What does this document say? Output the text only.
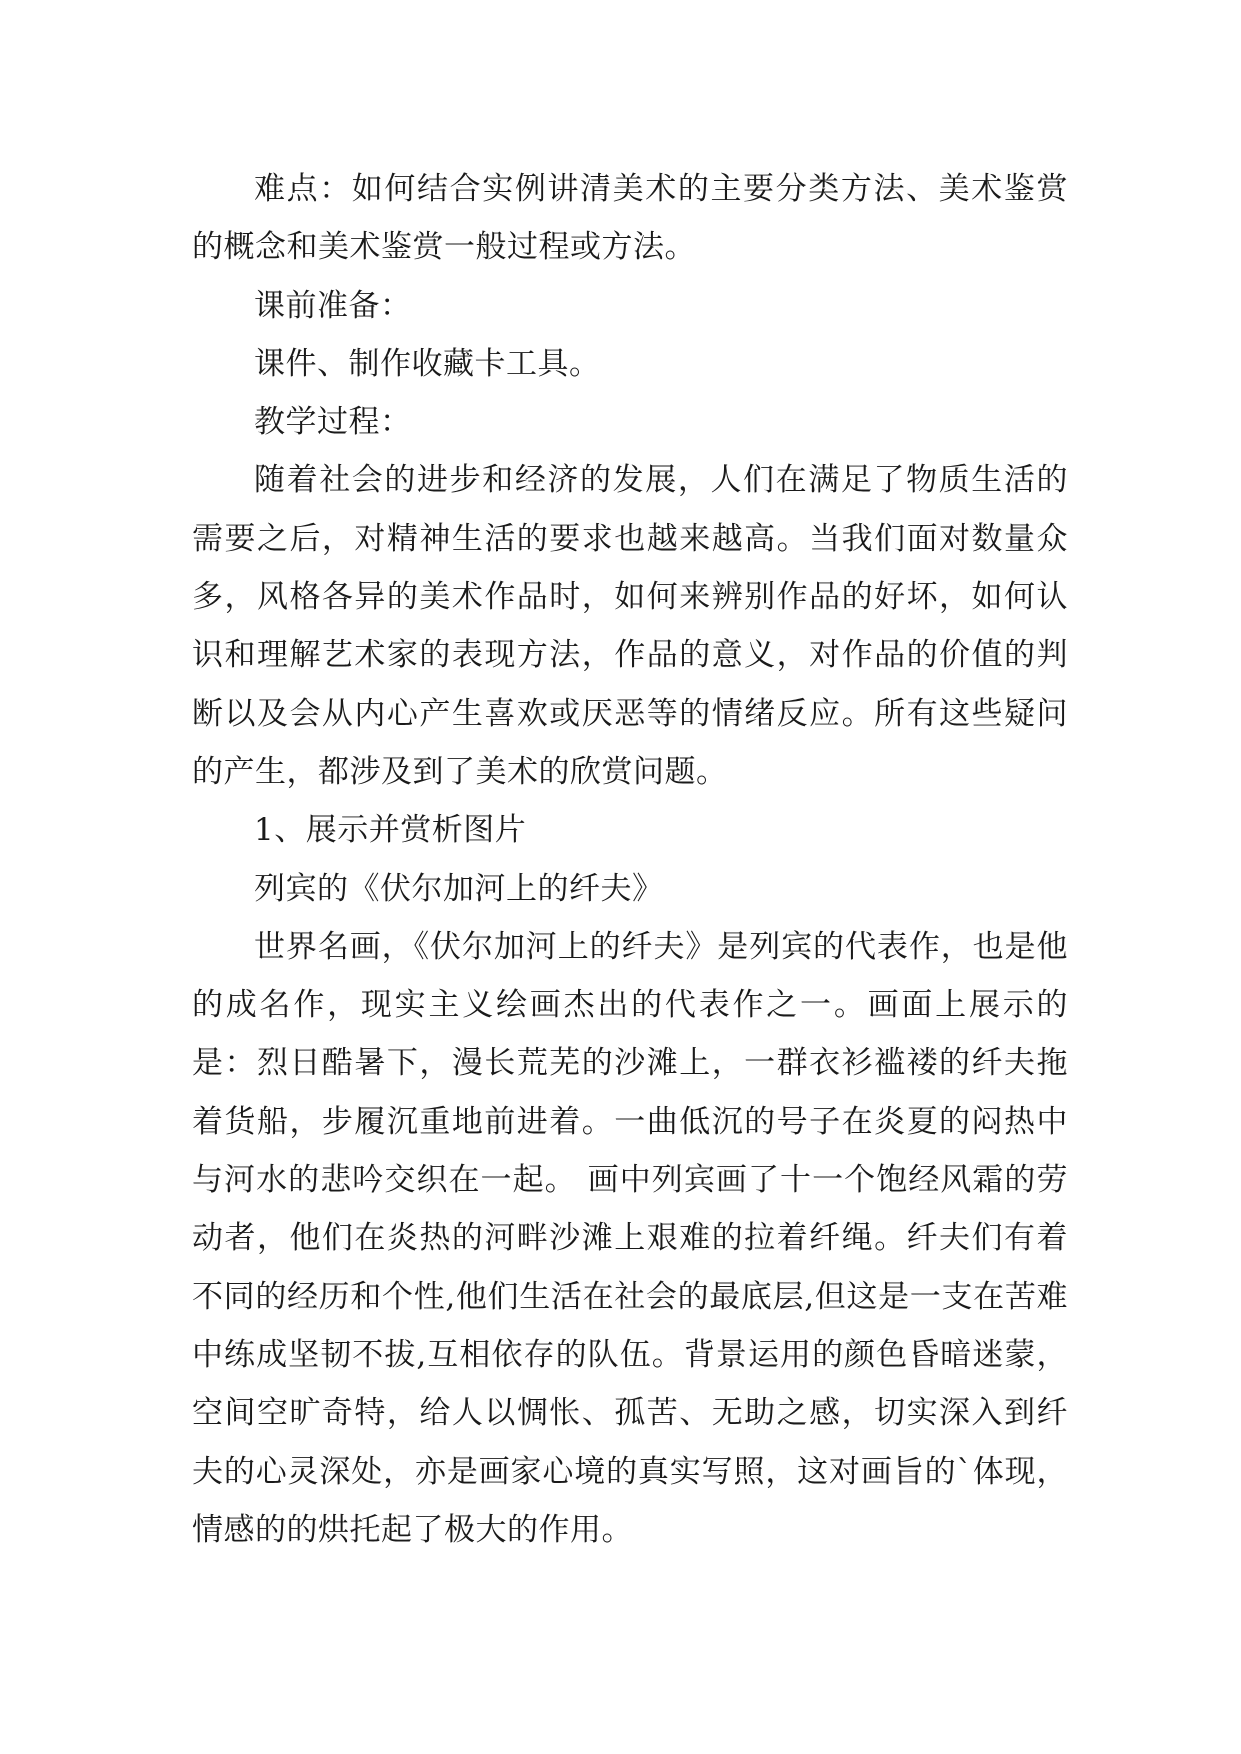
难点：如何结合实例讲清美术的主要分类方法、美术鉴赏的概念和美术鉴赏一般过程或方法。

课前准备：

课件、制作收藏卡工具。

教学过程：

随着社会的进步和经济的发展，人们在满足了物质生活的需要之后，对精神生活的要求也越来越高。当我们面对数量众多，风格各异的美术作品时，如何来辨别作品的好坏，如何认识和理解艺术家的表现方法，作品的意义，对作品的价值的判断以及会从内心产生喜欢或厌恶等的情绪反应。所有这些疑问的产生，都涉及到了美术的欣赏问题。

1、展示并赏析图片

列宾的《伏尔加河上的纤夫》

世界名画，《伏尔加河上的纤夫》是列宾的代表作，也是他的成名作，现实主义绘画杰出的代表作之一。画面上展示的是：烈日酷暑下，漫长荒芜的沙滩上，一群衣衫褴褛的纤夫拖着货船，步履沉重地前进着。一曲低沉的号子在炎夏的闷热中与河水的悲吟交织在一起。 画中列宾画了十一个饱经风霜的劳动者，他们在炎热的河畔沙滩上艰难的拉着纤绳。纤夫们有着不同的经历和个性,他们生活在社会的最底层,但这是一支在苦难中练成坚韧不拔,互相依存的队伍。背景运用的颜色昏暗迷蒙，空间空旷奇特，给人以惆怅、孤苦、无助之感，切实深入到纤夫的心灵深处，亦是画家心境的真实写照，这对画旨的`体现，情感的的烘托起了极大的作用。
